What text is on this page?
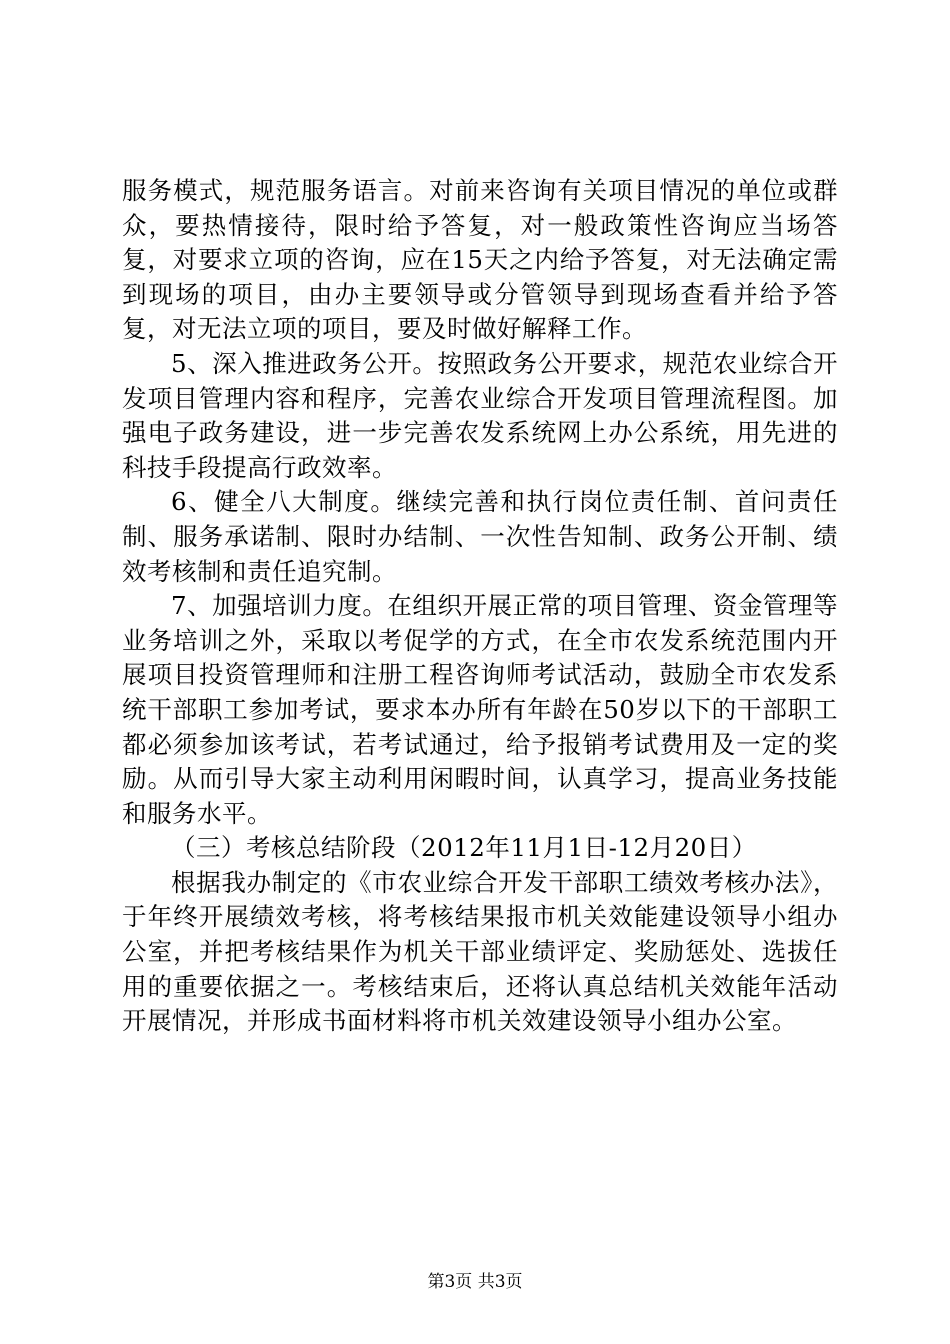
服务模式，规范服务语言。对前来咨询有关项目情况的单位或群众，要热情接待，限时给予答复，对一般政策性咨询应当场答复，对要求立项的咨询，应在15天之内给予答复，对无法确定需到现场的项目，由办主要领导或分管领导到现场查看并给予答复，对无法立项的项目，要及时做好解释工作。

5、深入推进政务公开。按照政务公开要求，规范农业综合开发项目管理内容和程序，完善农业综合开发项目管理流程图。加强电子政务建设，进一步完善农发系统网上办公系统，用先进的科技手段提高行政效率。

6、健全八大制度。继续完善和执行岗位责任制、首问责任制、服务承诺制、限时办结制、一次性告知制、政务公开制、绩效考核制和责任追究制。

7、加强培训力度。在组织开展正常的项目管理、资金管理等业务培训之外，采取以考促学的方式，在全市农发系统范围内开展项目投资管理师和注册工程咨询师考试活动，鼓励全市农发系统干部职工参加考试，要求本办所有年龄在50岁以下的干部职工都必须参加该考试，若考试通过，给予报销考试费用及一定的奖励。从而引导大家主动利用闲暇时间，认真学习，提高业务技能和服务水平。

（三）考核总结阶段（2012年11月1日-12月20日）

根据我办制定的《市农业综合开发干部职工绩效考核办法》，于年终开展绩效考核，将考核结果报市机关效能建设领导小组办公室，并把考核结果作为机关干部业绩评定、奖励惩处、选拔任用的重要依据之一。考核结束后，还将认真总结机关效能年活动开展情况，并形成书面材料将市机关效建设领导小组办公室。

第3页 共3页
